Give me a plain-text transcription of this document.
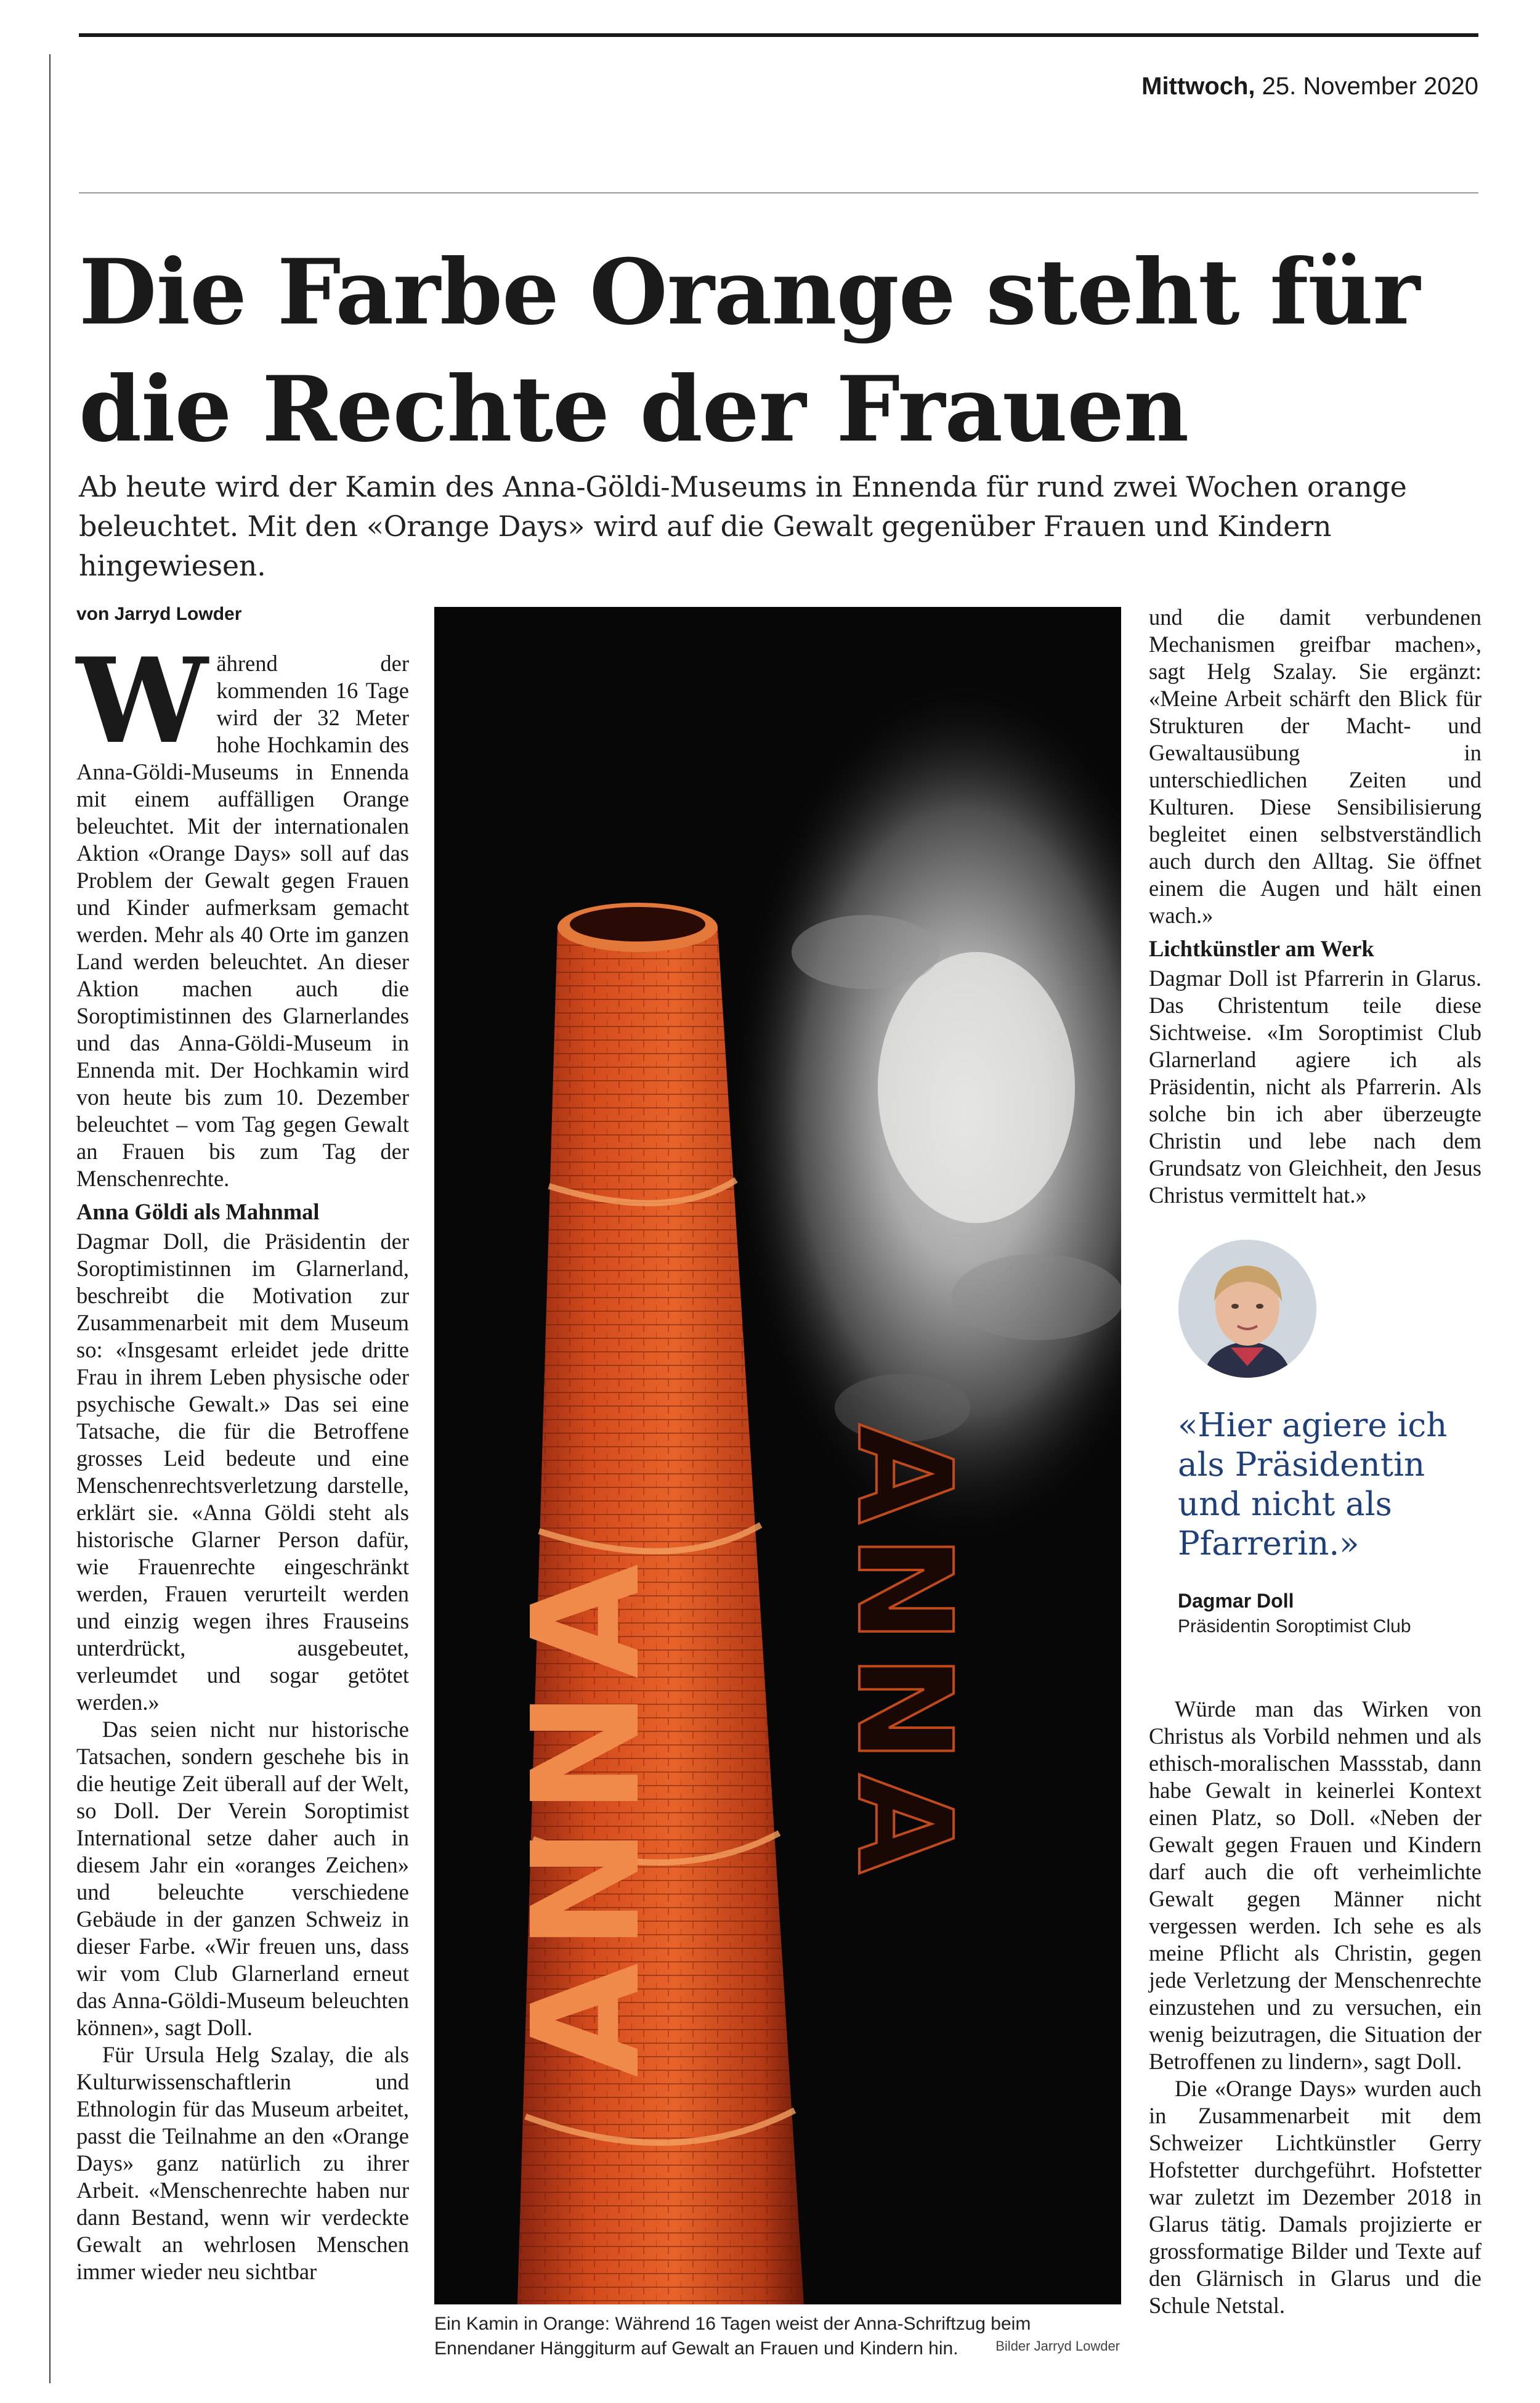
Mittwoch, 25. November 2020
Die Farbe Orange steht für die Rechte der Frauen
Ab heute wird der Kamin des Anna-Göldi-Museums in Ennenda für rund zwei Wochen orange beleuchtet. Mit den «Orange Days» wird auf die Gewalt gegenüber Frauen und Kindern hingewiesen.
von Jarryd Lowder

Während der kommenden 16 Tage wird der 32 Meter hohe Hochkamin des Anna-Göldi-Museums in Ennenda mit einem auffälligen Orange beleuchtet. Mit der internationalen Aktion «Orange Days» soll auf das Problem der Gewalt gegen Frauen und Kinder aufmerksam gemacht werden. Mehr als 40 Orte im ganzen Land werden beleuchtet. An dieser Aktion machen auch die Soroptimistinnen des Glarnerlandes und das Anna-Göldi-Museum in Ennenda mit. Der Hochkamin wird von heute bis zum 10. Dezember beleuchtet – vom Tag gegen Gewalt an Frauen bis zum Tag der Menschenrechte.

Anna Göldi als Mahnmal

Dagmar Doll, die Präsidentin der Soroptimistinnen im Glarnerland, beschreibt die Motivation zur Zusammenarbeit mit dem Museum so: «Insgesamt erleidet jede dritte Frau in ihrem Leben physische oder psychische Gewalt.» Das sei eine Tatsache, die für die Betroffene grosses Leid bedeute und eine Menschenrechtsverletzung darstelle, erklärt sie. «Anna Göldi steht als historische Glarner Person dafür, wie Frauenrechte eingeschränkt werden, Frauen verurteilt werden und einzig wegen ihres Frauseins unterdrückt, ausgebeutet, verleumdet und sogar getötet werden.»

Das seien nicht nur historische Tatsachen, sondern geschehe bis in die heutige Zeit überall auf der Welt, so Doll. Der Verein Soroptimist International setze daher auch in diesem Jahr ein «oranges Zeichen» und beleuchte verschiedene Gebäude in der ganzen Schweiz in dieser Farbe. «Wir freuen uns, dass wir vom Club Glarnerland erneut das Anna-Göldi-Museum beleuchten können», sagt Doll.

Für Ursula Helg Szalay, die als Kulturwissenschaftlerin und Ethnologin für das Museum arbeitet, passt die Teilnahme an den «Orange Days» ganz natürlich zu ihrer Arbeit. «Menschenrechte haben nur dann Bestand, wenn wir verdeckte Gewalt an wehrlosen Menschen immer wieder neu sichtbar

ANNA ANNA
Ein Kamin in Orange: Während 16 Tagen weist der Anna-Schriftzug beim Ennendaner Hänggiturm auf Gewalt an Frauen und Kindern hin.	Bilder Jarryd Lowder

und die damit verbundenen Mechanismen greifbar machen», sagt Helg Szalay. Sie ergänzt: «Meine Arbeit schärft den Blick für Strukturen der Macht- und Gewaltausübung in unterschiedlichen Zeiten und Kulturen. Diese Sensibilisierung begleitet einen selbstverständlich auch durch den Alltag. Sie öffnet einem die Augen und hält einen wach.»

Lichtkünstler am Werk

Dagmar Doll ist Pfarrerin in Glarus. Das Christentum teile diese Sichtweise. «Im Soroptimist Club Glarnerland agiere ich als Präsidentin, nicht als Pfarrerin. Als solche bin ich aber überzeugte Christin und lebe nach dem Grundsatz von Gleichheit, den Jesus Christus vermittelt hat.»

«Hier agiere ich als Präsidentin und nicht als Pfarrerin.»
Dagmar Doll
Präsidentin Soroptimist Club

Würde man das Wirken von Christus als Vorbild nehmen und als ethisch-moralischen Massstab, dann habe Gewalt in keinerlei Kontext einen Platz, so Doll. «Neben der Gewalt gegen Frauen und Kindern darf auch die oft verheimlichte Gewalt gegen Männer nicht vergessen werden. Ich sehe es als meine Pflicht als Christin, gegen jede Verletzung der Menschenrechte einzustehen und zu versuchen, ein wenig beizutragen, die Situation der Betroffenen zu lindern», sagt Doll.

Die «Orange Days» wurden auch in Zusammenarbeit mit dem Schweizer Lichtkünstler Gerry Hofstetter durchgeführt. Hofstetter war zuletzt im Dezember 2018 in Glarus tätig. Damals projizierte er grossformatige Bilder und Texte auf den Glärnisch in Glarus und die Schule Netstal.
